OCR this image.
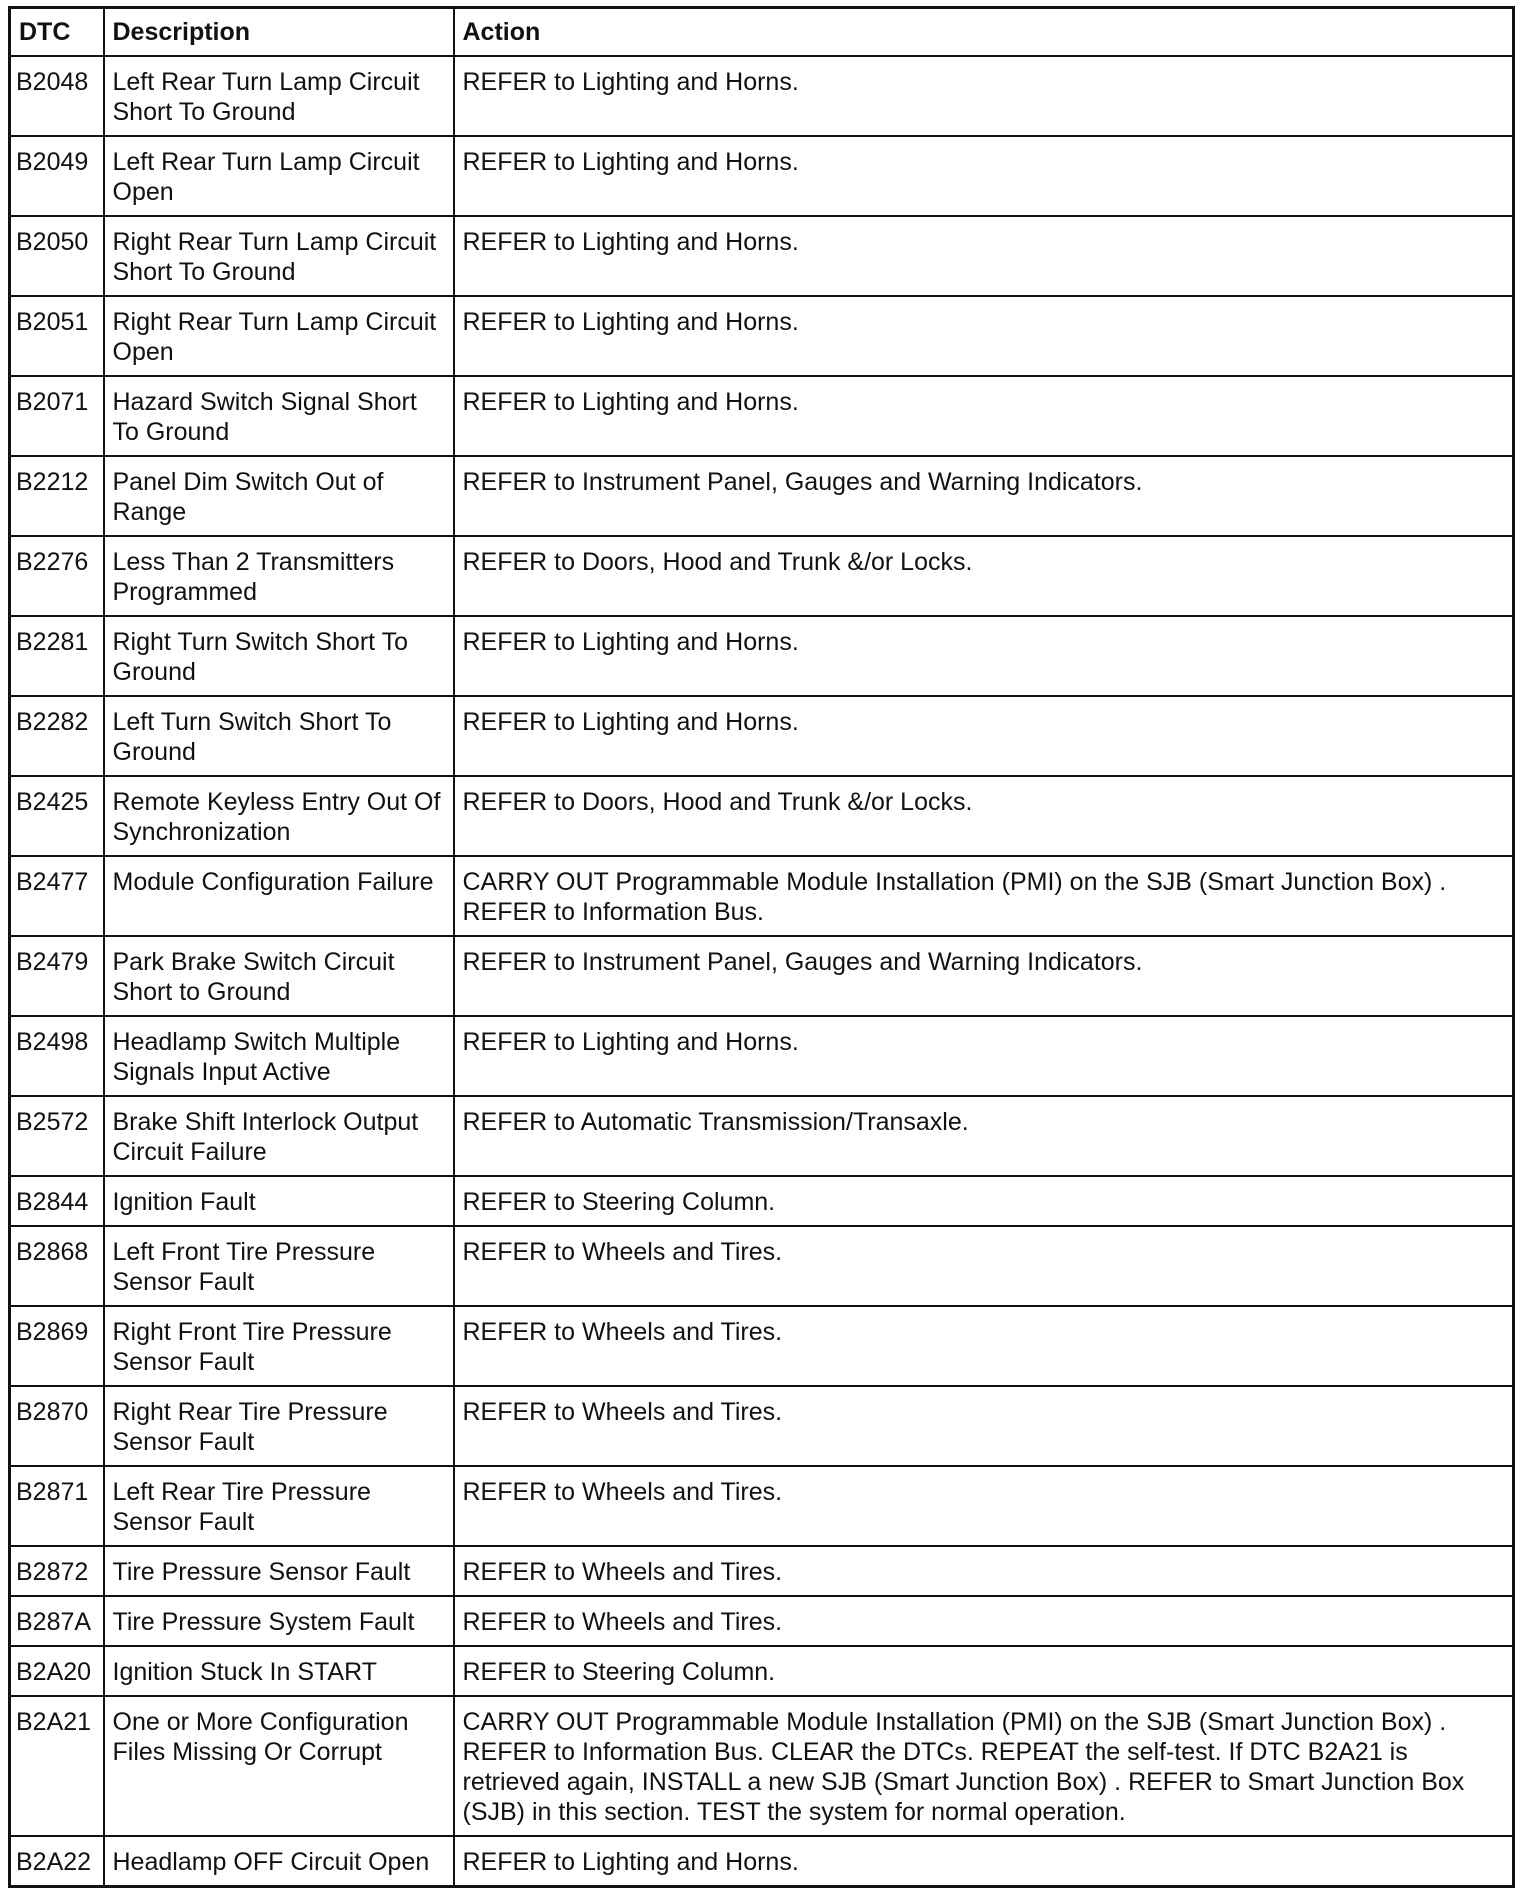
DTC	Description	Action
B2048	Left Rear Turn Lamp Circuit Short To Ground	REFER to Lighting and Horns.
B2049	Left Rear Turn Lamp Circuit Open	REFER to Lighting and Horns.
B2050	Right Rear Turn Lamp Circuit Short To Ground	REFER to Lighting and Horns.
B2051	Right Rear Turn Lamp Circuit Open	REFER to Lighting and Horns.
B2071	Hazard Switch Signal Short To Ground	REFER to Lighting and Horns.
B2212	Panel Dim Switch Out of Range	REFER to Instrument Panel, Gauges and Warning Indicators.
B2276	Less Than 2 Transmitters Programmed	REFER to Doors, Hood and Trunk &/or Locks.
B2281	Right Turn Switch Short To Ground	REFER to Lighting and Horns.
B2282	Left Turn Switch Short To Ground	REFER to Lighting and Horns.
B2425	Remote Keyless Entry Out Of Synchronization	REFER to Doors, Hood and Trunk &/or Locks.
B2477	Module Configuration Failure	CARRY OUT Programmable Module Installation (PMI) on the SJB (Smart Junction Box) . REFER to Information Bus.
B2479	Park Brake Switch Circuit Short to Ground	REFER to Instrument Panel, Gauges and Warning Indicators.
B2498	Headlamp Switch Multiple Signals Input Active	REFER to Lighting and Horns.
B2572	Brake Shift Interlock Output Circuit Failure	REFER to Automatic Transmission/Transaxle.
B2844	Ignition Fault	REFER to Steering Column.
B2868	Left Front Tire Pressure Sensor Fault	REFER to Wheels and Tires.
B2869	Right Front Tire Pressure Sensor Fault	REFER to Wheels and Tires.
B2870	Right Rear Tire Pressure Sensor Fault	REFER to Wheels and Tires.
B2871	Left Rear Tire Pressure Sensor Fault	REFER to Wheels and Tires.
B2872	Tire Pressure Sensor Fault	REFER to Wheels and Tires.
B287A	Tire Pressure System Fault	REFER to Wheels and Tires.
B2A20	Ignition Stuck In START	REFER to Steering Column.
B2A21	One or More Configuration Files Missing Or Corrupt	CARRY OUT Programmable Module Installation (PMI) on the SJB (Smart Junction Box) . REFER to Information Bus. CLEAR the DTCs. REPEAT the self-test. If DTC B2A21 is retrieved again, INSTALL a new SJB (Smart Junction Box) . REFER to Smart Junction Box (SJB) in this section. TEST the system for normal operation.
B2A22	Headlamp OFF Circuit Open	REFER to Lighting and Horns.
